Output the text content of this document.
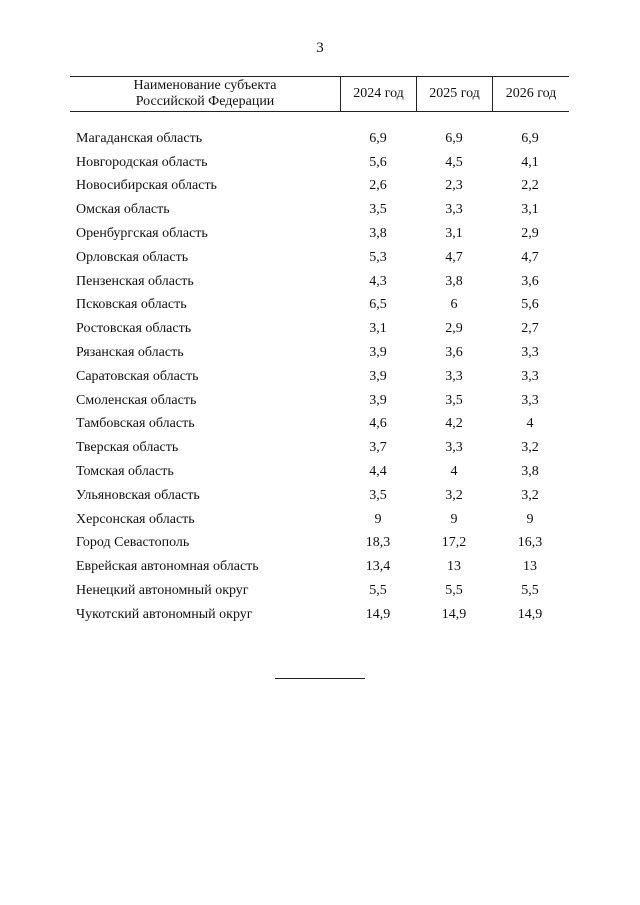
3
Наименование субъекта
Российской Федерации
2024 год	2025 год	2026 год
Магаданская область	6,9	6,9	6,9
Новгородская область	5,6	4,5	4,1
Новосибирская область	2,6	2,3	2,2
Омская область	3,5	3,3	3,1
Оренбургская область	3,8	3,1	2,9
Орловская область	5,3	4,7	4,7
Пензенская область	4,3	3,8	3,6
Псковская область	6,5	6	5,6
Ростовская область	3,1	2,9	2,7
Рязанская область	3,9	3,6	3,3
Саратовская область	3,9	3,3	3,3
Смоленская область	3,9	3,5	3,3
Тамбовская область	4,6	4,2	4
Тверская область	3,7	3,3	3,2
Томская область	4,4	4	3,8
Ульяновская область	3,5	3,2	3,2
Херсонская область	9	9	9
Город Севастополь	18,3	17,2	16,3
Еврейская автономная область	13,4	13	13
Ненецкий автономный округ	5,5	5,5	5,5
Чукотский автономный округ	14,9	14,9	14,9
